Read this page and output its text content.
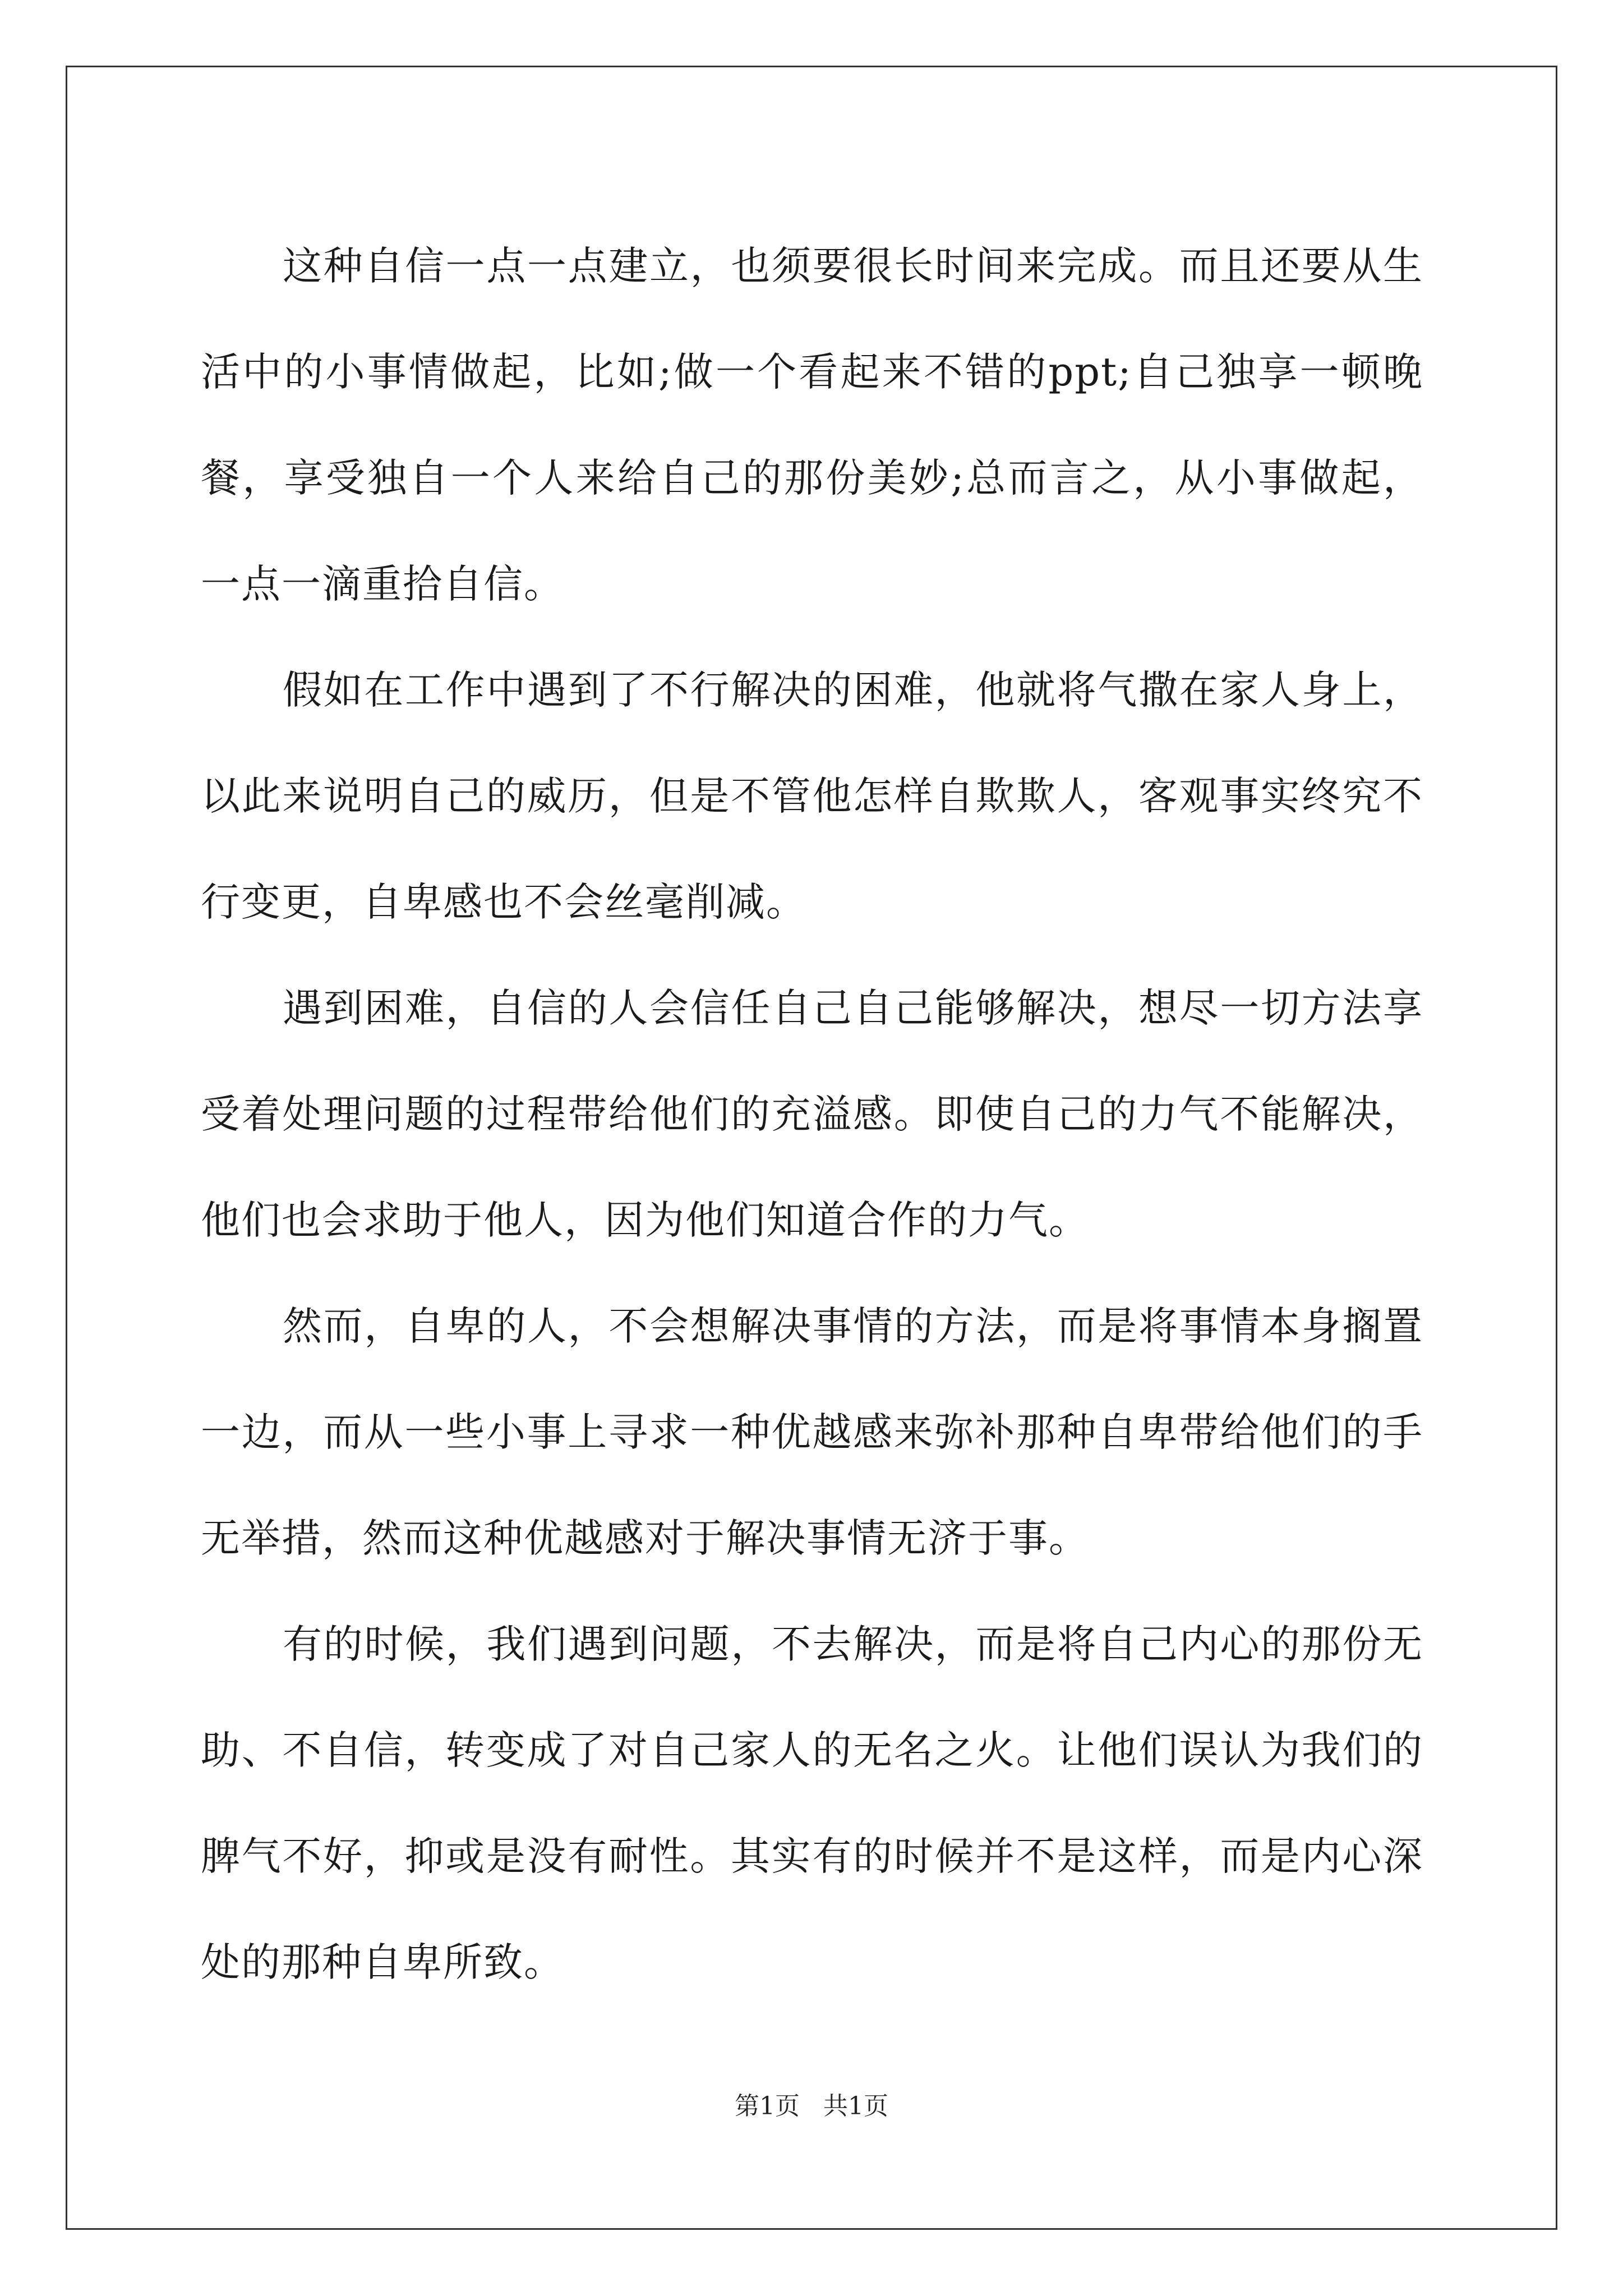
这种自信一点一点建立，也须要很长时间来完成。而且还要从生活中的小事情做起，比如;做一个看起来不错的ppt;自己独享一顿晚餐，享受独自一个人来给自己的那份美妙;总而言之，从小事做起，一点一滴重拾自信。

假如在工作中遇到了不行解决的困难，他就将气撒在家人身上，以此来说明自己的威历，但是不管他怎样自欺欺人，客观事实终究不行变更，自卑感也不会丝毫削减。

遇到困难，自信的人会信任自己自己能够解决，想尽一切方法享受着处理问题的过程带给他们的充溢感。即使自己的力气不能解决，他们也会求助于他人，因为他们知道合作的力气。

然而，自卑的人，不会想解决事情的方法，而是将事情本身搁置一边，而从一些小事上寻求一种优越感来弥补那种自卑带给他们的手无举措，然而这种优越感对于解决事情无济于事。

有的时候，我们遇到问题，不去解决，而是将自己内心的那份无助、不自信，转变成了对自己家人的无名之火。让他们误认为我们的脾气不好，抑或是没有耐性。其实有的时候并不是这样，而是内心深处的那种自卑所致。

第1页   共1页
